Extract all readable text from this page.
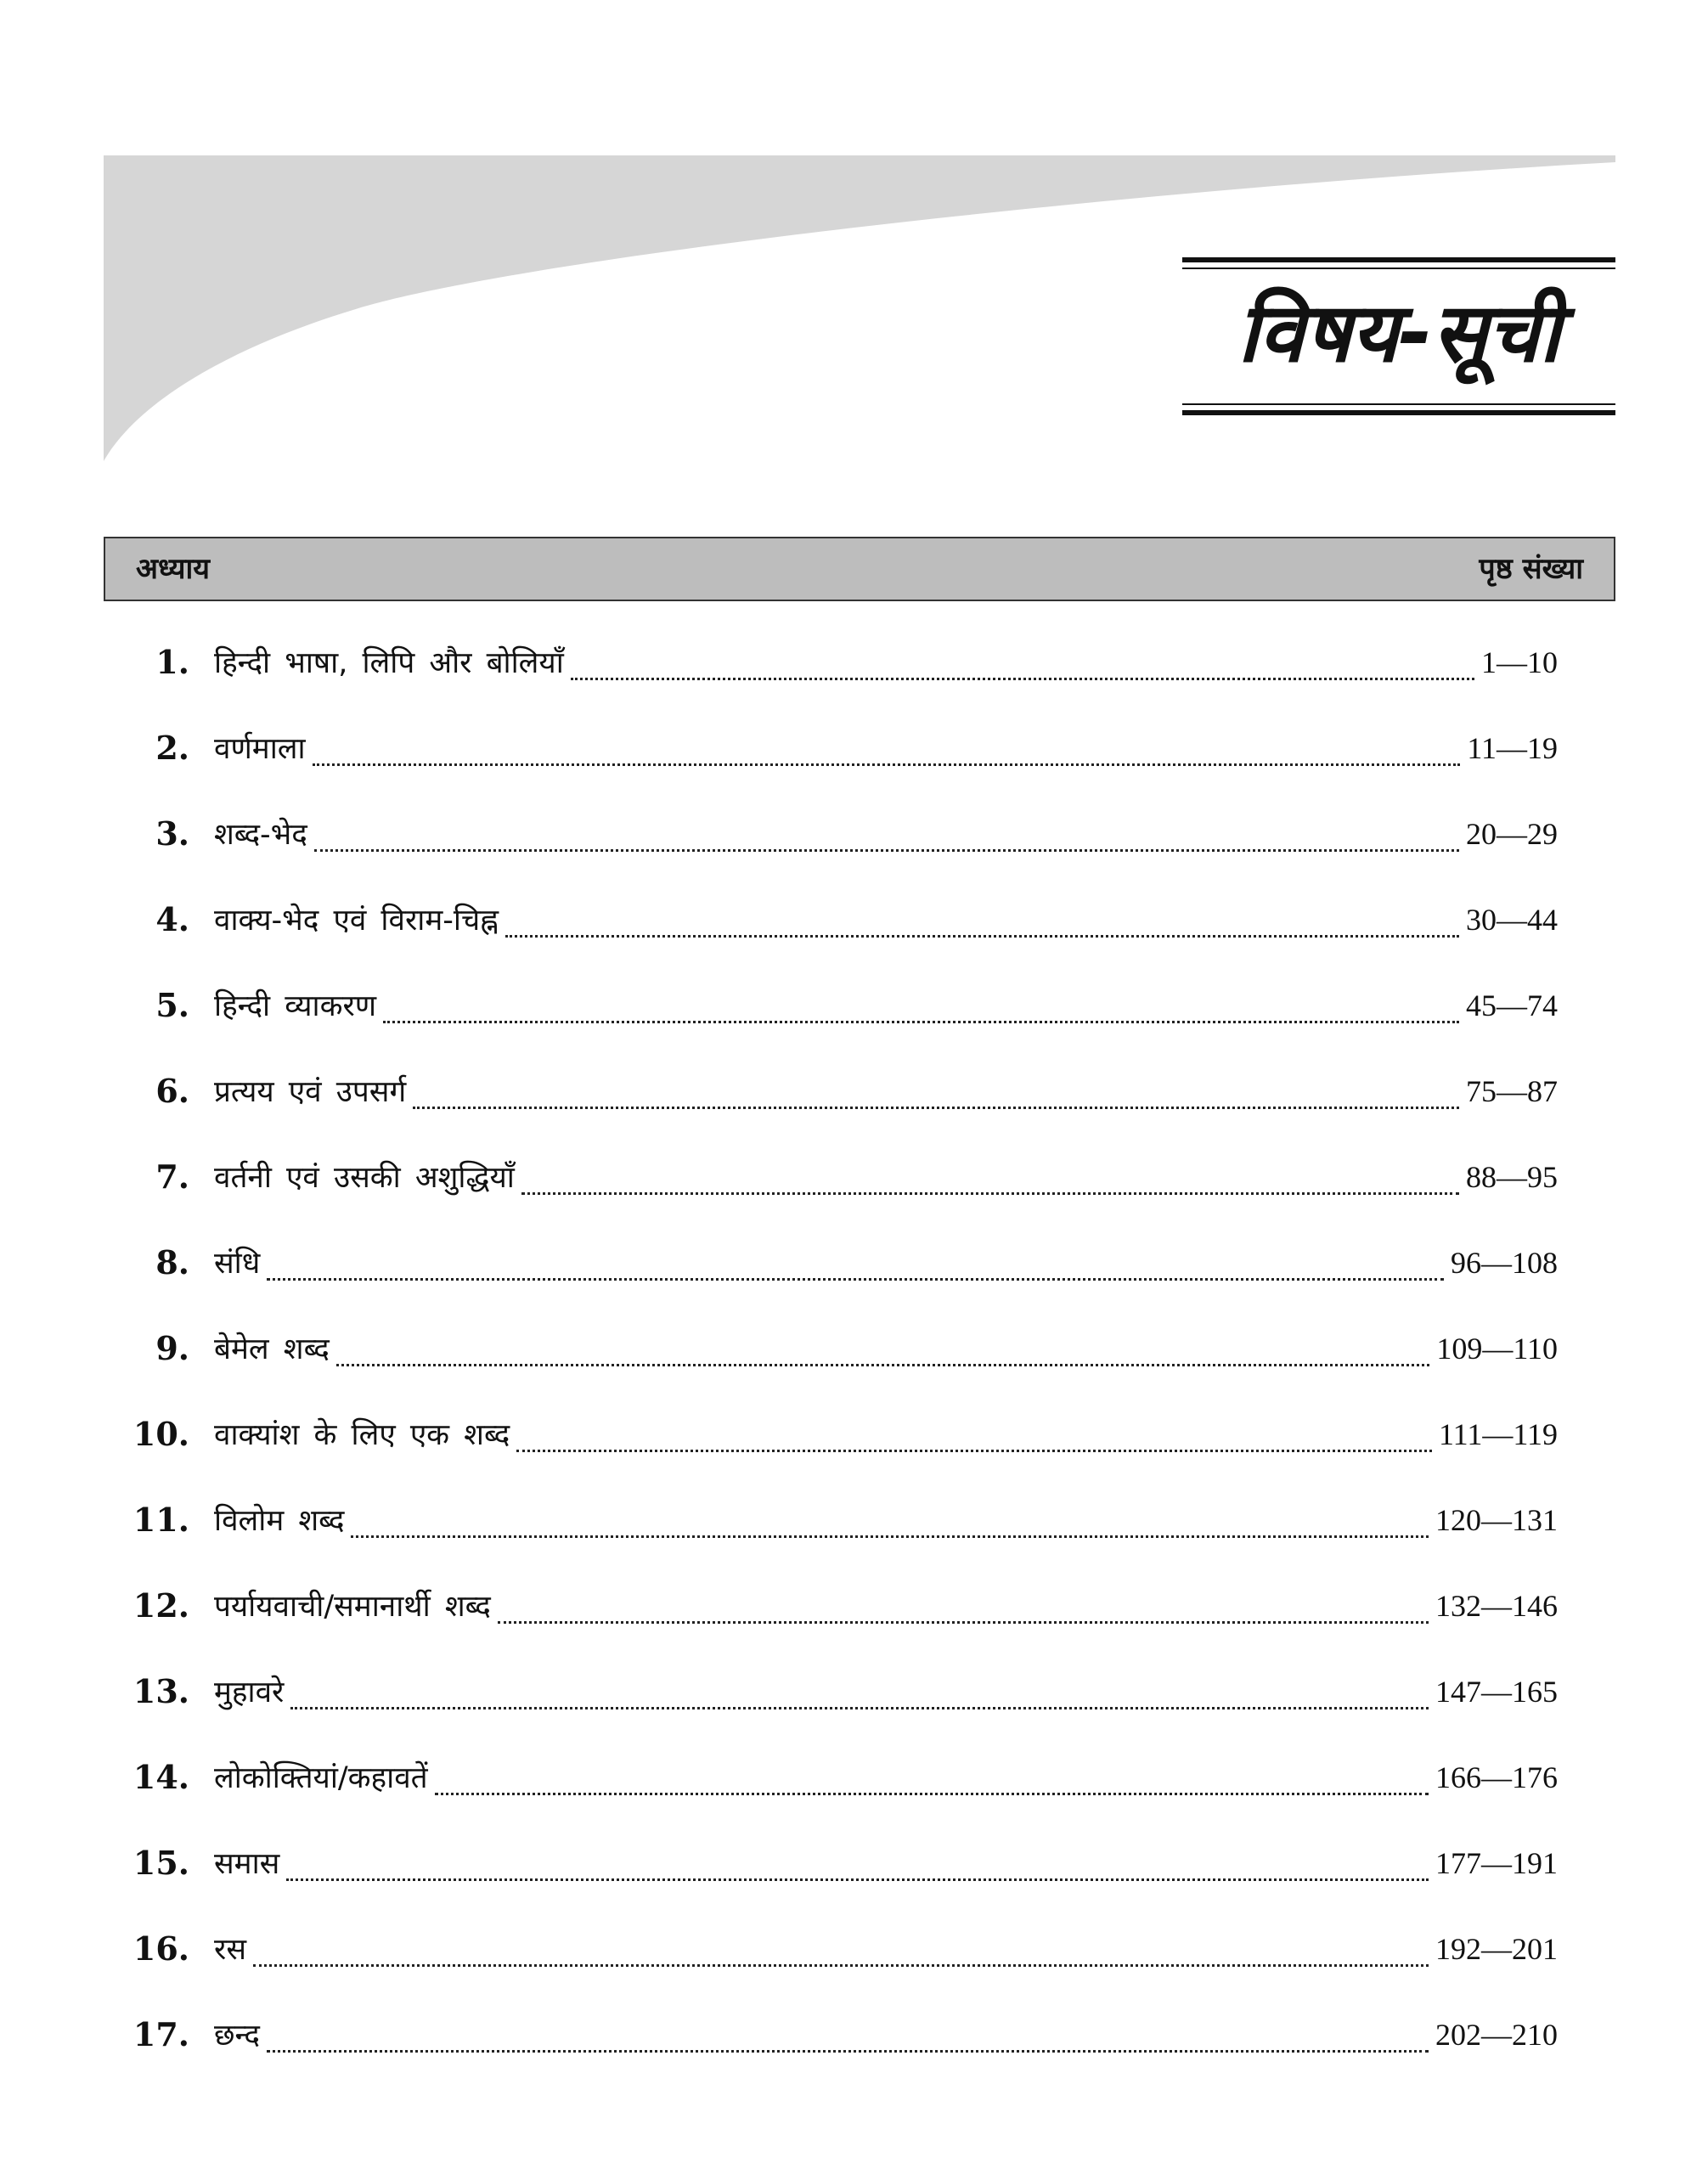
विषय-सूची
अध्याय	पृष्ठ संख्या
1. हिन्दी भाषा, लिपि और बोलियाँ	1—10
2. वर्णमाला	11—19
3. शब्द-भेद	20—29
4. वाक्य-भेद एवं विराम-चिह्न	30—44
5. हिन्दी व्याकरण	45—74
6. प्रत्यय एवं उपसर्ग	75—87
7. वर्तनी एवं उसकी अशुद्धियाँ	88—95
8. संधि	96—108
9. बेमेल शब्द	109—110
10. वाक्यांश के लिए एक शब्द	111—119
11. विलोम शब्द	120—131
12. पर्यायवाची/समानार्थी शब्द	132—146
13. मुहावरे	147—165
14. लोकोक्तियां/कहावतें	166—176
15. समास	177—191
16. रस	192—201
17. छन्द	202—210
